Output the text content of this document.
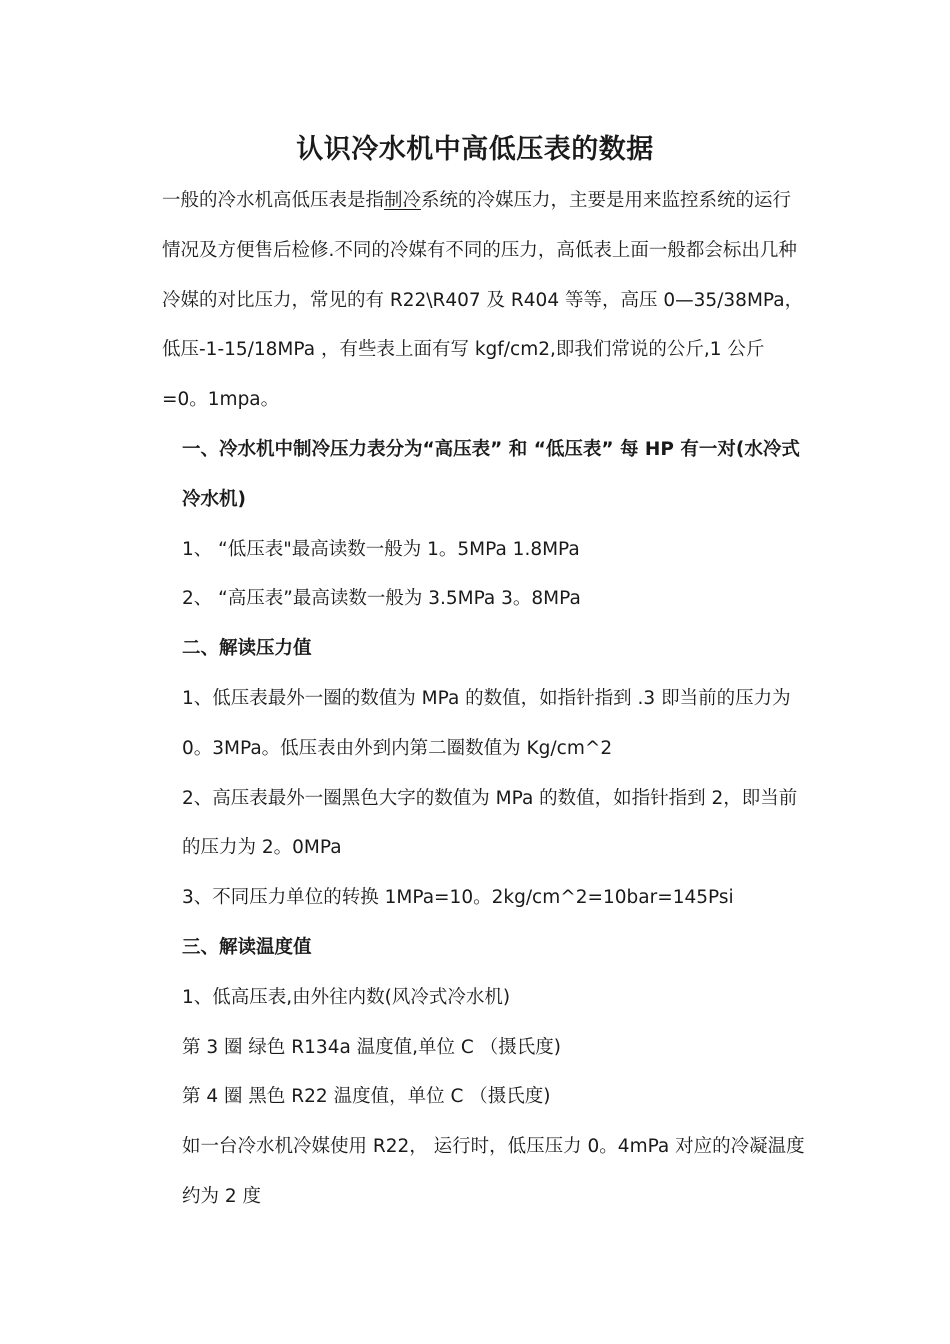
认识冷水机中高低压表的数据

一般的冷水机高低压表是指制冷系统的冷媒压力，主要是用来监控系统的运行情况及方便售后检修.不同的冷媒有不同的压力，高低表上面一般都会标出几种冷媒的对比压力，常见的有 R22\R407 及 R404 等等，高压 0—35/38MPa，低压-1-15/18MPa ，有些表上面有写 kgf/cm2,即我们常说的公斤,1 公斤=0。1mpa。

一、冷水机中制冷压力表分为“高压表” 和 “低压表” 每 HP 有一对(水冷式冷水机)

1、 “低压表"最高读数一般为 1。5MPa 1.8MPa

2、 “高压表”最高读数一般为 3.5MPa 3。8MPa

二、解读压力值

1、低压表最外一圈的数值为 MPa 的数值，如指针指到 .3 即当前的压力为 0。3MPa。低压表由外到内第二圈数值为 Kg/cm^2

2、高压表最外一圈黑色大字的数值为 MPa 的数值，如指针指到 2，即当前的压力为 2。0MPa

3、不同压力单位的转换 1MPa=10。2kg/cm^2=10bar=145Psi

三、解读温度值

1、低高压表,由外往内数(风冷式冷水机)

第 3 圈 绿色 R134a 温度值,单位 C （摄氏度)

第 4 圈 黑色 R22 温度值，单位 C （摄氏度)

如一台冷水机冷媒使用 R22， 运行时，低压压力 0。4mPa 对应的冷凝温度约为 2 度
